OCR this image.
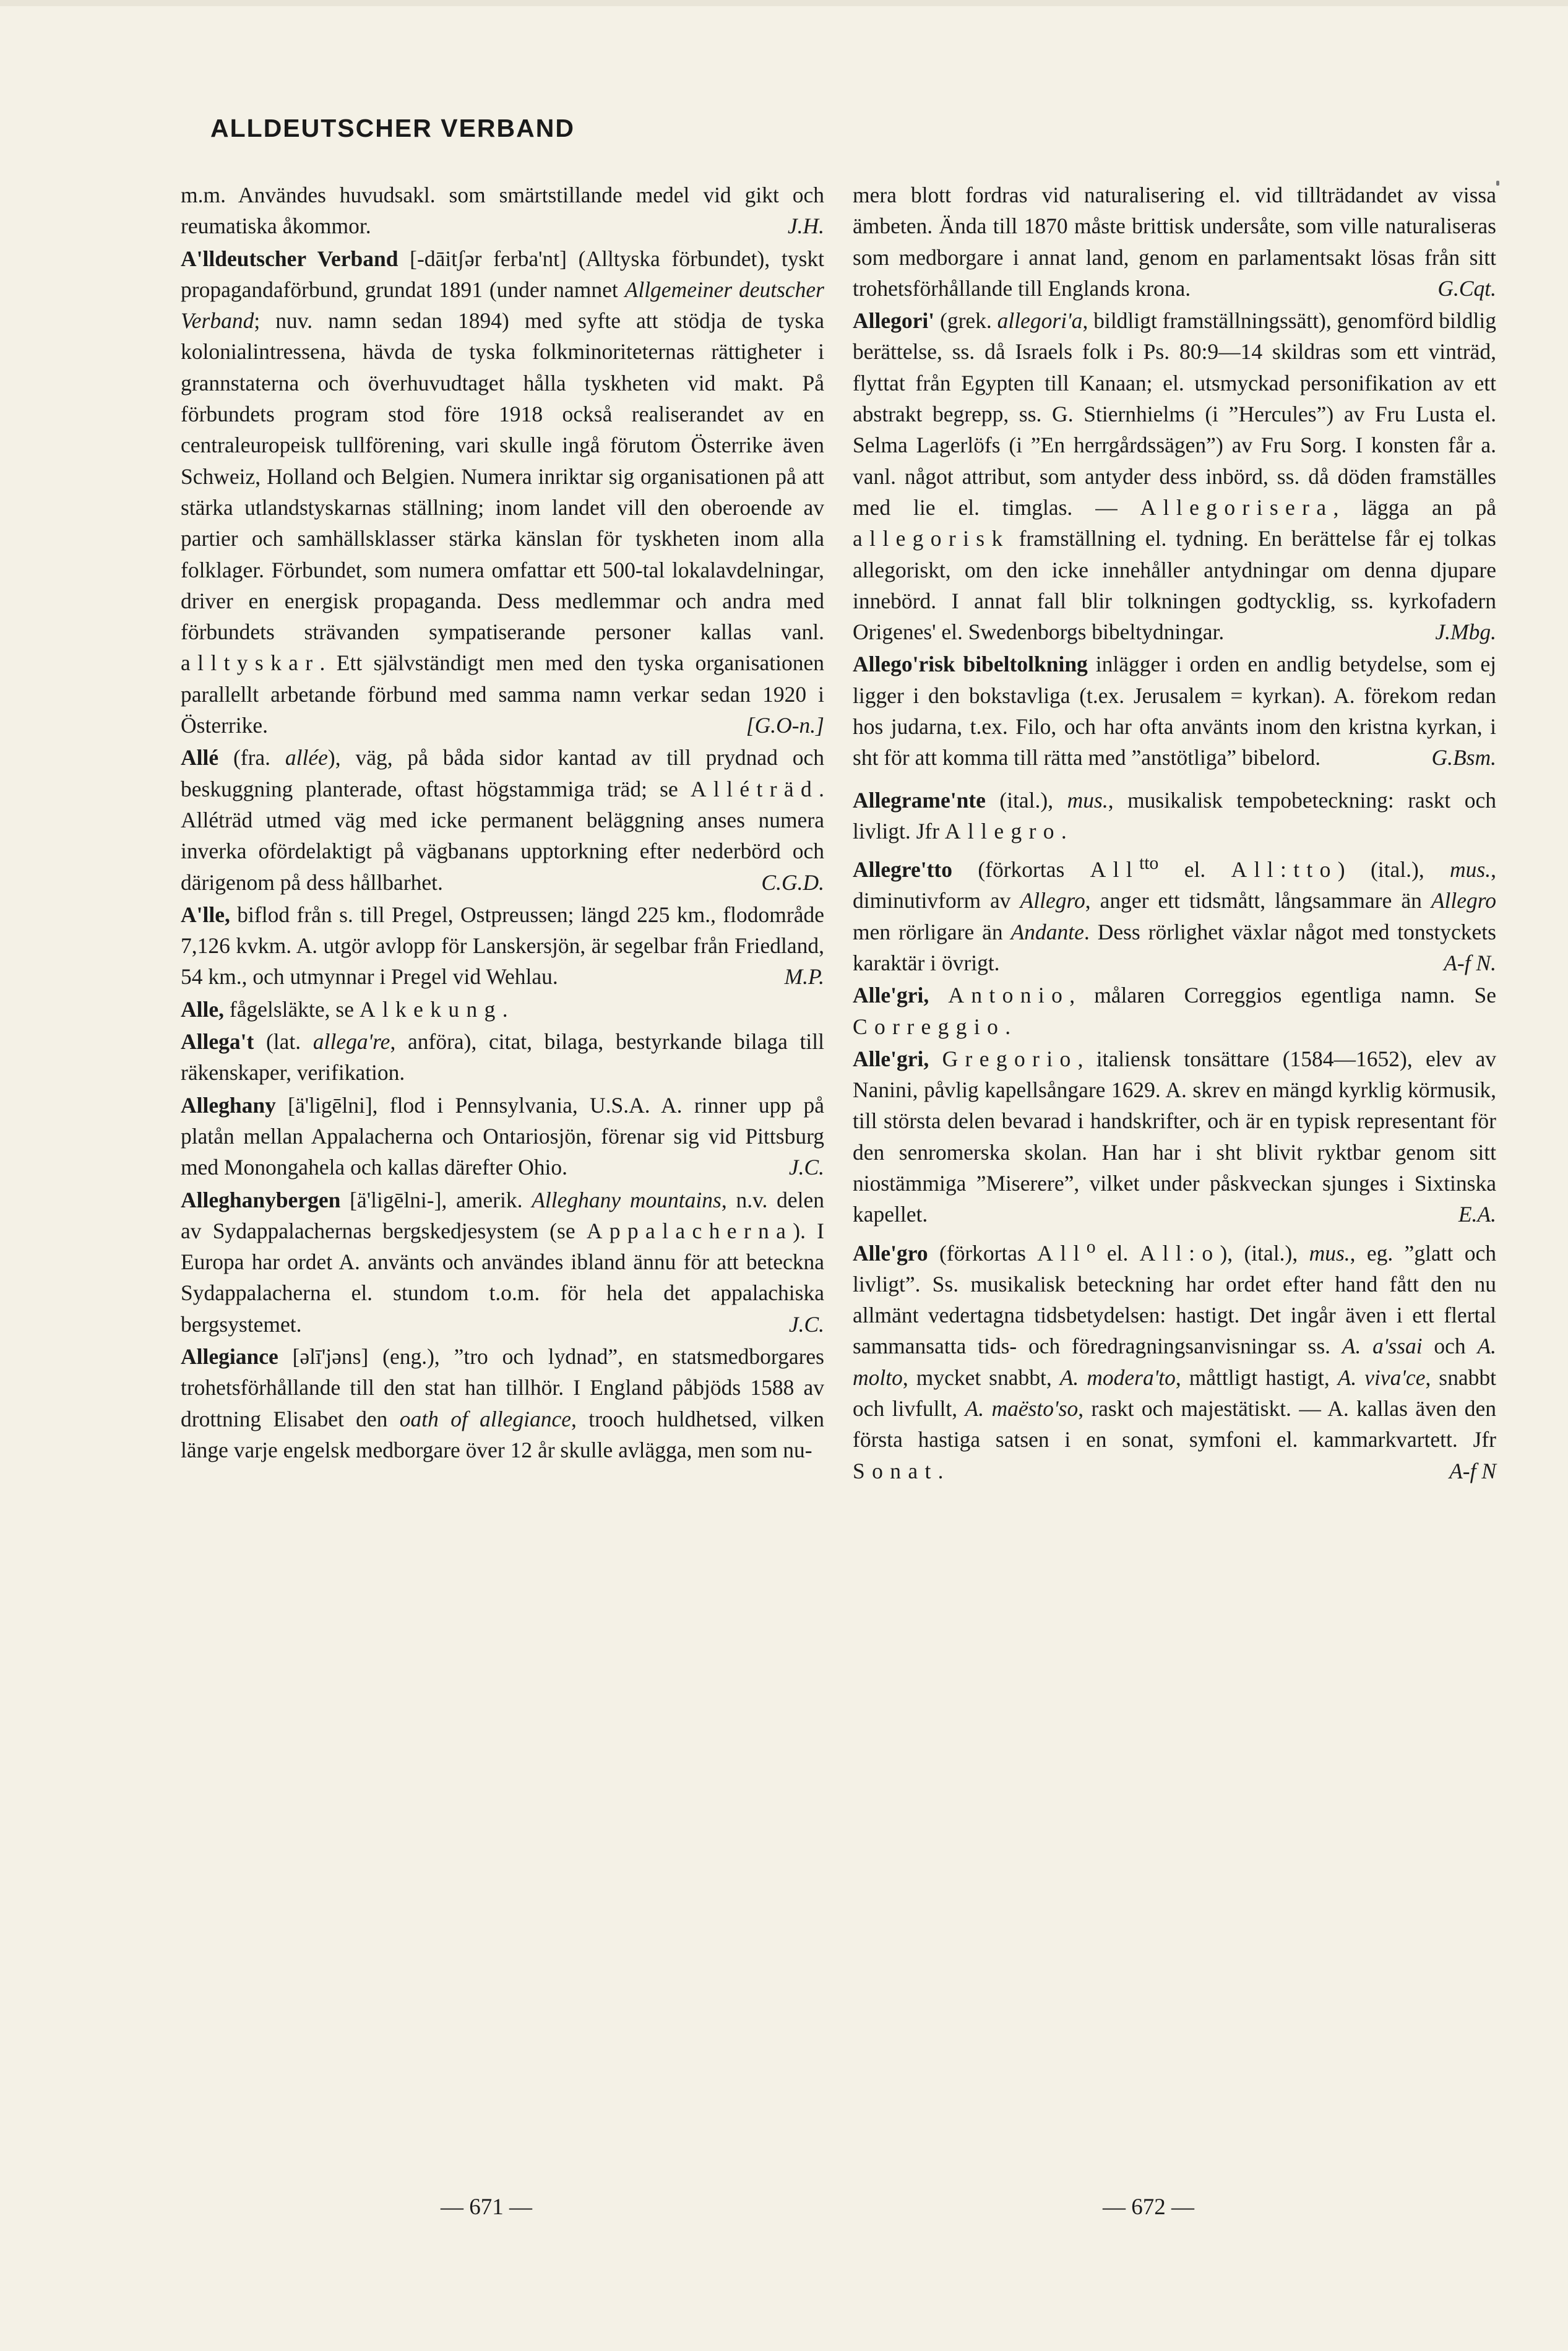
ALLDEUTSCHER VERBAND

m.m. Användes huvudsakl. som smärtstillande medel vid gikt och reumatiska åkommor.	J.H.

A'lldeutscher Verband [-dāitʃər ferba'nt] (Alltyska förbundet), tyskt propagandaförbund, grundat 1891 (under namnet Allgemeiner deutscher Verband; nuv. namn sedan 1894) med syfte att stödja de tyska kolonialintressena, hävda de tyska folkminoriteternas rättigheter i grannstaterna och överhuvudtaget hålla tyskheten vid makt. På förbundets program stod före 1918 också realiserandet av en centraleuropeisk tullförening, vari skulle ingå förutom Österrike även Schweiz, Holland och Belgien. Numera inriktar sig organisationen på att stärka utlandstyskarnas ställning; inom landet vill den oberoende av partier och samhällsklasser stärka känslan för tyskheten inom alla folklager. Förbundet, som numera omfattar ett 500-tal lokalavdelningar, driver en energisk propaganda. Dess medlemmar och andra med förbundets strävanden sympatiserande personer kallas vanl. alltyskar. Ett självständigt men med den tyska organisationen parallellt arbetande förbund med samma namn verkar sedan 1920 i Österrike.	[G.O-n.]

Allé (fra. allée), väg, på båda sidor kantad av till prydnad och beskuggning planterade, oftast högstammiga träd; se Alléträd. Alléträd utmed väg med icke permanent beläggning anses numera inverka ofördelaktigt på vägbanans upptorkning efter nederbörd och därigenom på dess hållbarhet.	C.G.D.

A'lle, biflod från s. till Pregel, Ostpreussen; längd 225 km., flodområde 7,126 kvkm. A. utgör avlopp för Lanskersjön, är segelbar från Friedland, 54 km., och utmynnar i Pregel vid Wehlau.	M.P.

Alle, fågelsläkte, se Alkekung.

Allega't (lat. allega're, anföra), citat, bilaga, bestyrkande bilaga till räkenskaper, verifikation.

Alleghany [ä'ligēlni], flod i Pennsylvania, U.S.A. A. rinner upp på platån mellan Appalacherna och Ontariosjön, förenar sig vid Pittsburg med Monongahela och kallas därefter Ohio.	J.C.

Alleghanybergen [ä'ligēlni-], amerik. Alleghany mountains, n.v. delen av Sydappalachernas bergskedjesystem (se Appalacherna). I Europa har ordet A. använts och användes ibland ännu för att beteckna Sydappalacherna el. stundom t.o.m. för hela det appalachiska bergsystemet.	J.C.

Allegiance [əlī'jəns] (eng.), ”tro och lydnad”, en statsmedborgares trohetsförhållande till den stat han tillhör. I England påbjöds 1588 av drottning Elisabet den oath of allegiance, trooch huldhetsed, vilken länge varje engelsk medborgare över 12 år skulle avlägga, men som nu-

mera blott fordras vid naturalisering el. vid tillträdandet av vissa ämbeten. Ända till 1870 måste brittisk undersåte, som ville naturaliseras som medborgare i annat land, genom en parlamentsakt lösas från sitt trohetsförhållande till Englands krona.	G.Cqt.

Allegori' (grek. allegori'a, bildligt framställningssätt), genomförd bildlig berättelse, ss. då Israels folk i Ps. 80:9—14 skildras som ett vinträd, flyttat från Egypten till Kanaan; el. utsmyckad personifikation av ett abstrakt begrepp, ss. G. Stiernhielms (i ”Hercules”) av Fru Lusta el. Selma Lagerlöfs (i ”En herrgårdssägen”) av Fru Sorg. I konsten får a. vanl. något attribut, som antyder dess inbörd, ss. då döden framställes med lie el. timglas. — Allegorisera, lägga an på allegorisk framställning el. tydning. En berättelse får ej tolkas allegoriskt, om den icke innehåller antydningar om denna djupare innebörd. I annat fall blir tolkningen godtycklig, ss. kyrkofadern Origenes' el. Swedenborgs bibeltydningar.	J.Mbg.

Allego'risk bibeltolkning inlägger i orden en andlig betydelse, som ej ligger i den bokstavliga (t.ex. Jerusalem = kyrkan). A. förekom redan hos judarna, t.ex. Filo, och har ofta använts inom den kristna kyrkan, i sht för att komma till rätta med ”anstötliga” bibelord.	G.Bsm.

Allegrame'nte (ital.), mus., musikalisk tempobeteckning: raskt och livligt. Jfr Allegro.

Allegre'tto (förkortas All$^{tto}$ el. All:tto) (ital.), mus., diminutivform av Allegro, anger ett tidsmått, långsammare än Allegro men rörligare än Andante. Dess rörlighet växlar något med tonstyckets karaktär i övrigt.	A-f N.

Alle'gri, Antonio, målaren Correggios egentliga namn. Se Correggio.

Alle'gri, Gregorio, italiensk tonsättare (1584—1652), elev av Nanini, påvlig kapellsångare 1629. A. skrev en mängd kyrklig körmusik, till största delen bevarad i handskrifter, och är en typisk representant för den senromerska skolan. Han har i sht blivit ryktbar genom sitt niostämmiga ”Miserere”, vilket under påskveckan sjunges i Sixtinska kapellet.	E.A.

Alle'gro (förkortas All$^o$ el. All:o), (ital.), mus., eg. ”glatt och livligt”. Ss. musikalisk beteckning har ordet efter hand fått den nu allmänt vedertagna tidsbetydelsen: hastigt. Det ingår även i ett flertal sammansatta tids- och föredragningsanvisningar ss. A. a'ssai och A. molto, mycket snabbt, A. modera'to, måttligt hastigt, A. viva'ce, snabbt och livfullt, A. maësto'so, raskt och majestätiskt. — A. kallas även den första hastiga satsen i en sonat, symfoni el. kammarkvartett. Jfr Sonat.	A-f N

— 671 —	— 672 —
